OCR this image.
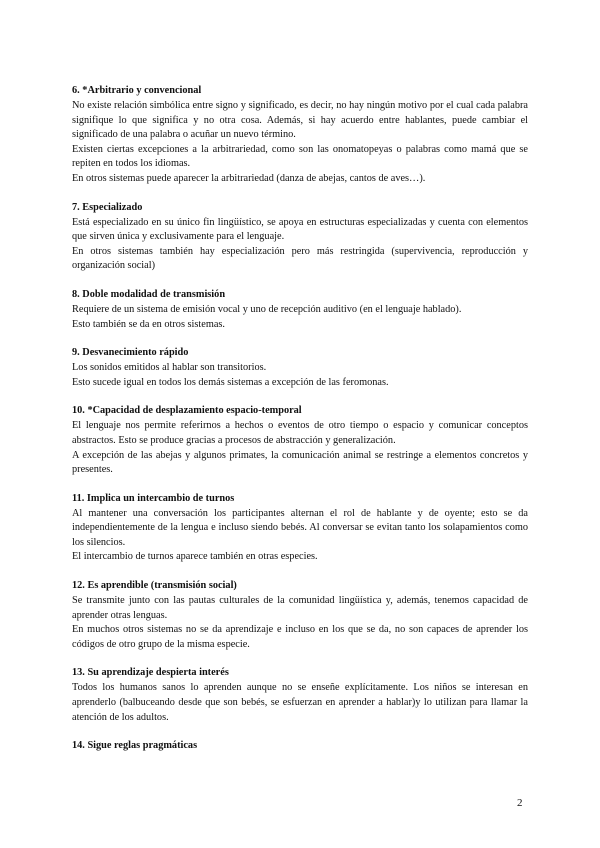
6. *Arbitrario y convencional

No existe relación simbólica entre signo y significado, es decir, no hay ningún motivo por el cual cada palabra signifique lo que significa y no otra cosa. Además, si hay acuerdo entre hablantes, puede cambiar el significado de una palabra o acuñar un nuevo término.

Existen ciertas excepciones a la arbitrariedad, como son las onomatopeyas o palabras como mamá que se repiten en todos los idiomas.

En otros sistemas puede aparecer la arbitrariedad (danza de abejas, cantos de aves…).

7. Especializado

Está especializado en su único fin lingüístico, se apoya en estructuras especializadas y cuenta con elementos que sirven única y exclusivamente para el lenguaje.

En otros sistemas también hay especialización pero más restringida (supervivencia, reproducción y organización social)

8. Doble modalidad de transmisión

Requiere de un sistema de emisión vocal y uno de recepción auditivo (en el lenguaje hablado).

Esto también se da en otros sistemas.

9. Desvanecimiento rápido

Los sonidos emitidos al hablar son transitorios.

Esto sucede igual en todos los demás sistemas a excepción de las feromonas.

10. *Capacidad de desplazamiento espacio-temporal

El lenguaje nos permite referirnos a hechos o eventos de otro tiempo o espacio y comunicar conceptos abstractos. Esto se produce gracias a procesos de abstracción y generalización.

A excepción de las abejas y algunos primates, la comunicación animal se restringe a elementos concretos y presentes.

11. Implica un intercambio de turnos

Al mantener una conversación los participantes alternan el rol de hablante y de oyente; esto se da independientemente de la lengua e incluso siendo bebés. Al conversar se evitan tanto los solapamientos como los silencios.

El intercambio de turnos aparece también en otras especies.

12. Es aprendible (transmisión social)

Se transmite junto con las pautas culturales de la comunidad lingüística y, además, tenemos capacidad de aprender otras lenguas.

En muchos otros sistemas no se da aprendizaje e incluso en los que se da, no son capaces de aprender los códigos de otro grupo de la misma especie.

13. Su aprendizaje despierta interés

Todos los humanos sanos lo aprenden aunque no se enseñe explícitamente. Los niños se interesan en aprenderlo (balbuceando desde que son bebés, se esfuerzan en aprender a hablar)y lo utilizan para llamar la atención de los adultos.

14. Sigue reglas pragmáticas
2
